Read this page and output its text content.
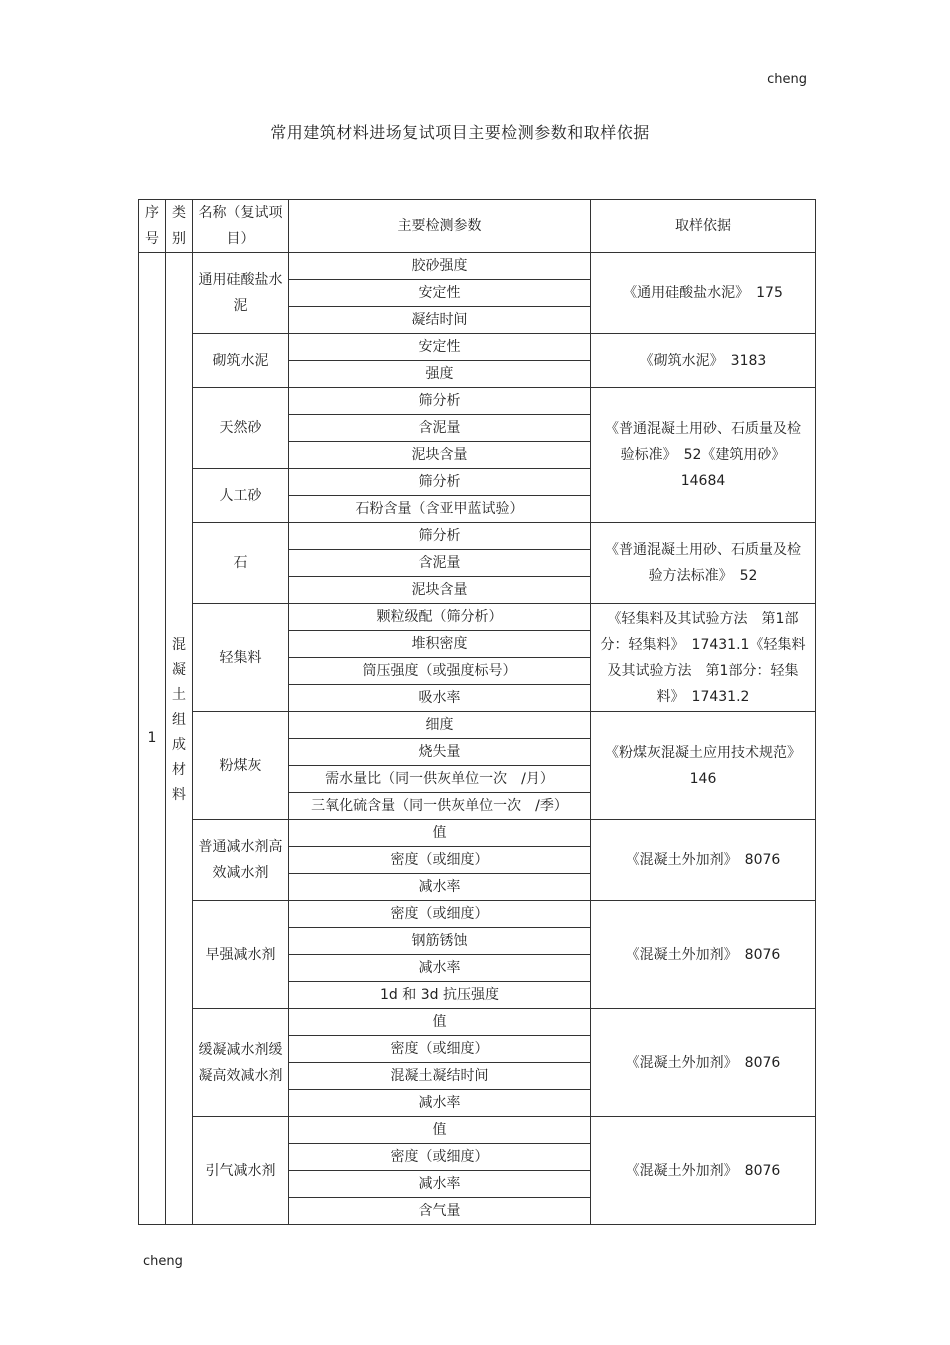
cheng
常用建筑材料进场复试项目主要检测参数和取样依据
序号	类别	名称（复试项目）	主要检测参数	取样依据
1	混凝土组成材料	通用硅酸盐水泥	胶砂强度	《通用硅酸盐水泥》　175
			安定性	
			凝结时间	
		砌筑水泥	安定性	《砌筑水泥》　3183
			强度	
		天然砂	筛分析	《普通混凝土用砂、石质量及检验标准》　52《建筑用砂》14684
			含泥量	
			泥块含量	
		人工砂	筛分析	
			石粉含量（含亚甲蓝试验）	
		石	筛分析	《普通混凝土用砂、石质量及检验方法标准》　52
			含泥量	
			泥块含量	
		轻集料	颗粒级配（筛分析）	《轻集料及其试验方法　第1部分：轻集料》　17431.1《轻集料及其试验方法　第1部分：轻集料》　17431.2
			堆积密度	
			筒压强度（或强度标号）	
			吸水率	
		粉煤灰	细度	《粉煤灰混凝土应用技术规范》 146
			烧失量	
			需水量比（同一供灰单位一次　/月）	
			三氧化硫含量（同一供灰单位一次　/季）	
		普通减水剂高效减水剂	值	《混凝土外加剂》　8076
			密度（或细度）	
			减水率	
		早强减水剂	密度（或细度）	《混凝土外加剂》　8076
			钢筋锈蚀	
			减水率	
			1d 和 3d 抗压强度	
		缓凝减水剂缓凝高效减水剂	值	《混凝土外加剂》　8076
			密度（或细度）	
			混凝土凝结时间	
			减水率	
		引气减水剂	值	《混凝土外加剂》　8076
			密度（或细度）	
			减水率	
			含气量	
cheng
